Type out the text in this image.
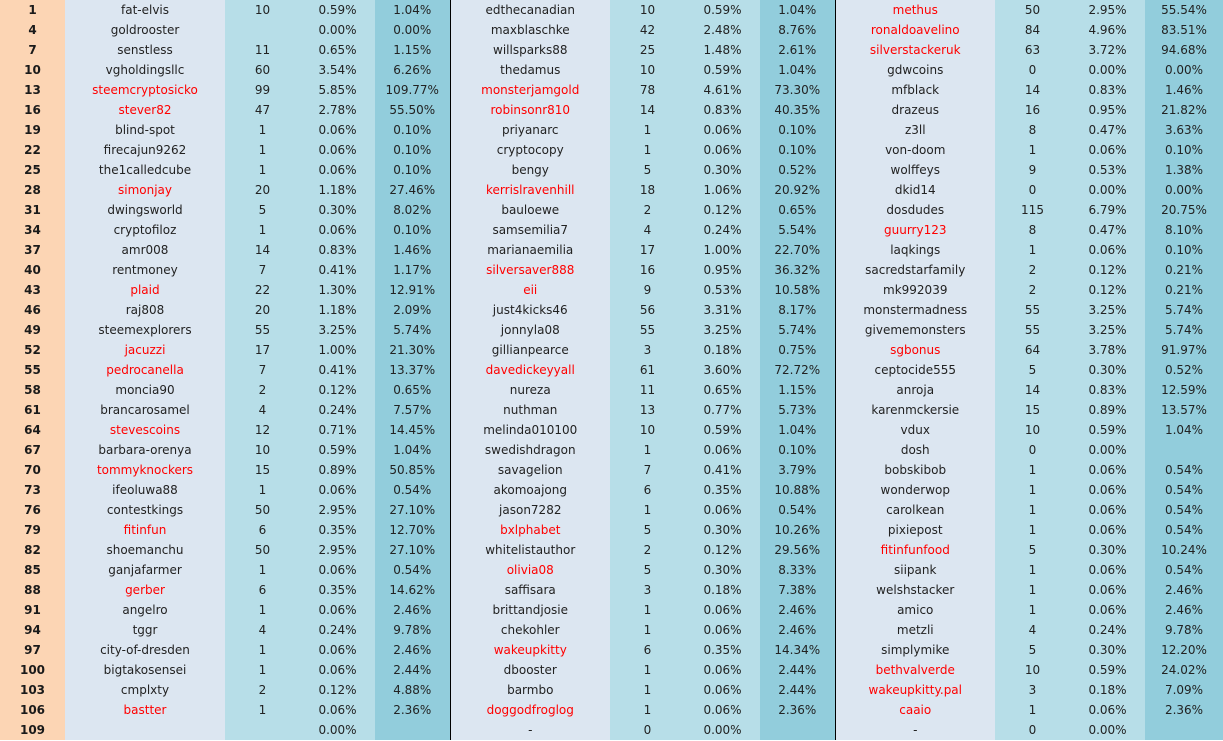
1	fat-elvis	10	0.59%	1.04%	edthecanadian	10	0.59%	1.04%	methus	50	2.95%	55.54%
4	goldrooster		0.00%	0.00%	maxblaschke	42	2.48%	8.76%	ronaldoavelino	84	4.96%	83.51%
7	senstless	11	0.65%	1.15%	willsparks88	25	1.48%	2.61%	silverstackeruk	63	3.72%	94.68%
10	vgholdingsllc	60	3.54%	6.26%	thedamus	10	0.59%	1.04%	gdwcoins	0	0.00%	0.00%
13	steemcryptosicko	99	5.85%	109.77%	monsterjamgold	78	4.61%	73.30%	mfblack	14	0.83%	1.46%
16	stever82	47	2.78%	55.50%	robinsonr810	14	0.83%	40.35%	drazeus	16	0.95%	21.82%
19	blind-spot	1	0.06%	0.10%	priyanarc	1	0.06%	0.10%	z3ll	8	0.47%	3.63%
22	firecajun9262	1	0.06%	0.10%	cryptocopy	1	0.06%	0.10%	von-doom	1	0.06%	0.10%
25	the1calledcube	1	0.06%	0.10%	bengy	5	0.30%	0.52%	wolffeys	9	0.53%	1.38%
28	simonjay	20	1.18%	27.46%	kerrislravenhill	18	1.06%	20.92%	dkid14	0	0.00%	0.00%
31	dwingsworld	5	0.30%	8.02%	bauloewe	2	0.12%	0.65%	dosdudes	115	6.79%	20.75%
34	cryptofiloz	1	0.06%	0.10%	samsemilia7	4	0.24%	5.54%	guurry123	8	0.47%	8.10%
37	amr008	14	0.83%	1.46%	marianaemilia	17	1.00%	22.70%	laqkings	1	0.06%	0.10%
40	rentmoney	7	0.41%	1.17%	silversaver888	16	0.95%	36.32%	sacredstarfamily	2	0.12%	0.21%
43	plaid	22	1.30%	12.91%	eii	9	0.53%	10.58%	mk992039	2	0.12%	0.21%
46	raj808	20	1.18%	2.09%	just4kicks46	56	3.31%	8.17%	monstermadness	55	3.25%	5.74%
49	steemexplorers	55	3.25%	5.74%	jonnyla08	55	3.25%	5.74%	givememonsters	55	3.25%	5.74%
52	jacuzzi	17	1.00%	21.30%	gillianpearce	3	0.18%	0.75%	sgbonus	64	3.78%	91.97%
55	pedrocanella	7	0.41%	13.37%	davedickeyyall	61	3.60%	72.72%	ceptocide555	5	0.30%	0.52%
58	moncia90	2	0.12%	0.65%	nureza	11	0.65%	1.15%	anroja	14	0.83%	12.59%
61	brancarosamel	4	0.24%	7.57%	nuthman	13	0.77%	5.73%	karenmckersie	15	0.89%	13.57%
64	stevescoins	12	0.71%	14.45%	melinda010100	10	0.59%	1.04%	vdux	10	0.59%	1.04%
67	barbara-orenya	10	0.59%	1.04%	swedishdragon	1	0.06%	0.10%	dosh	0	0.00%	
70	tommyknockers	15	0.89%	50.85%	savagelion	7	0.41%	3.79%	bobskibob	1	0.06%	0.54%
73	ifeoluwa88	1	0.06%	0.54%	akomoajong	6	0.35%	10.88%	wonderwop	1	0.06%	0.54%
76	contestkings	50	2.95%	27.10%	jason7282	1	0.06%	0.54%	carolkean	1	0.06%	0.54%
79	fitinfun	6	0.35%	12.70%	bxlphabet	5	0.30%	10.26%	pixiepost	1	0.06%	0.54%
82	shoemanchu	50	2.95%	27.10%	whitelistauthor	2	0.12%	29.56%	fitinfunfood	5	0.30%	10.24%
85	ganjafarmer	1	0.06%	0.54%	olivia08	5	0.30%	8.33%	siipank	1	0.06%	0.54%
88	gerber	6	0.35%	14.62%	saffisara	3	0.18%	7.38%	welshstacker	1	0.06%	2.46%
91	angelro	1	0.06%	2.46%	brittandjosie	1	0.06%	2.46%	amico	1	0.06%	2.46%
94	tggr	4	0.24%	9.78%	chekohler	1	0.06%	2.46%	metzli	4	0.24%	9.78%
97	city-of-dresden	1	0.06%	2.46%	wakeupkitty	6	0.35%	14.34%	simplymike	5	0.30%	12.20%
100	bigtakosensei	1	0.06%	2.44%	dbooster	1	0.06%	2.44%	bethvalverde	10	0.59%	24.02%
103	cmplxty	2	0.12%	4.88%	barmbo	1	0.06%	2.44%	wakeupkitty.pal	3	0.18%	7.09%
106	bastter	1	0.06%	2.36%	doggodfroglog	1	0.06%	2.36%	caaio	1	0.06%	2.36%
109			0.00%		-	0	0.00%		-	0	0.00%	
